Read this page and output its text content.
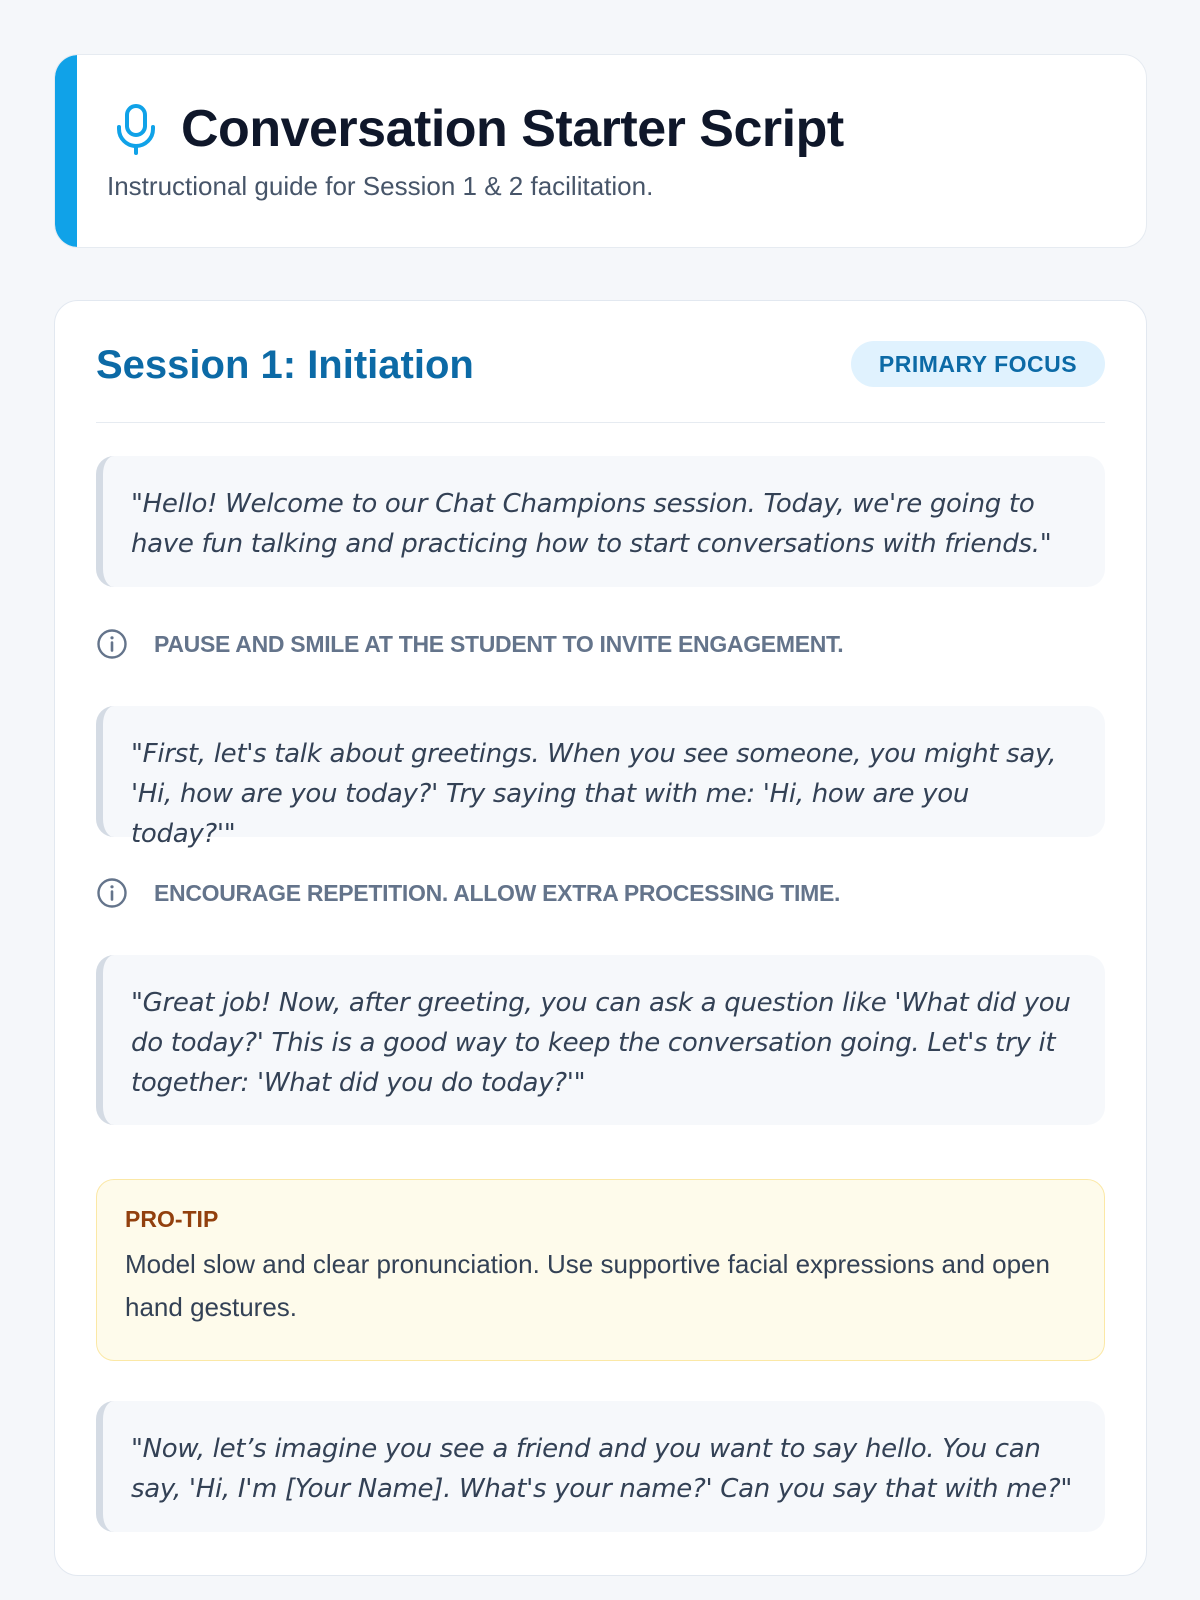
Conversation Starter Script

Instructional guide for Session 1 & 2 facilitation.

Session 1: Initiation	PRIMARY FOCUS
"Hello! Welcome to our Chat Champions session. Today, we're going to have fun talking and practicing how to start conversations with friends."
PAUSE AND SMILE AT THE STUDENT TO INVITE ENGAGEMENT.
"First, let's talk about greetings. When you see someone, you might say, 'Hi, how are you today?' Try saying that with me: 'Hi, how are you today?'"
ENCOURAGE REPETITION. ALLOW EXTRA PROCESSING TIME.
"Great job! Now, after greeting, you can ask a question like 'What did you do today?' This is a good way to keep the conversation going. Let's try it together: 'What did you do today?'"
PRO-TIP
Model slow and clear pronunciation. Use supportive facial expressions and open hand gestures.
"Now, let’s imagine you see a friend and you want to say hello. You can say, 'Hi, I'm [Your Name]. What's your name?' Can you say that with me?"
